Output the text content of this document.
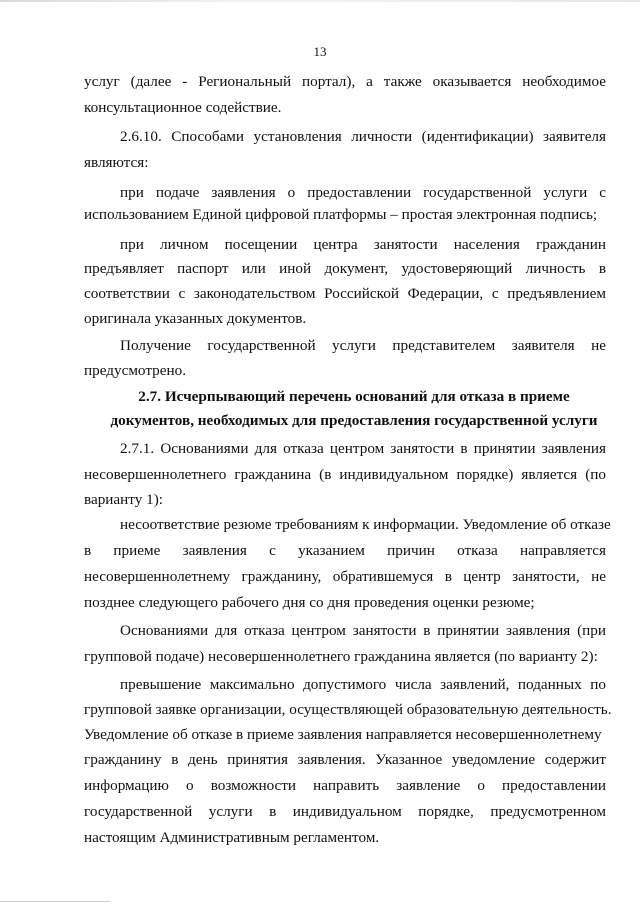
13
услуг (далее - Региональный портал), а также оказывается необходимое
консультационное содействие.
2.6.10. Способами установления личности (идентификации) заявителя
являются:
при подаче заявления о предоставлении государственной услуги с
использованием Единой цифровой платформы – простая электронная подпись;
при личном посещении центра занятости населения гражданин
предъявляет паспорт или иной документ, удостоверяющий личность в
соответствии с законодательством Российской Федерации, с предъявлением
оригинала указанных документов.
Получение государственной услуги представителем заявителя не
предусмотрено.
2.7. Исчерпывающий перечень оснований для отказа в приеме
документов, необходимых для предоставления государственной услуги
2.7.1. Основаниями для отказа центром занятости в принятии заявления
несовершеннолетнего гражданина (в индивидуальном порядке) является (по
варианту 1):
несоответствие резюме требованиям к информации. Уведомление об отказе
в приеме заявления с указанием причин отказа направляется
несовершеннолетнему гражданину, обратившемуся в центр занятости, не
позднее следующего рабочего дня со дня проведения оценки резюме;
Основаниями для отказа центром занятости в принятии заявления (при
групповой подаче) несовершеннолетнего гражданина является (по варианту 2):
превышение максимально допустимого числа заявлений, поданных по
групповой заявке организации, осуществляющей образовательную деятельность.
Уведомление об отказе в приеме заявления направляется несовершеннолетнему
гражданину в день принятия заявления. Указанное уведомление содержит
информацию о возможности направить заявление о предоставлении
государственной услуги в индивидуальном порядке, предусмотренном
настоящим Административным регламентом.
